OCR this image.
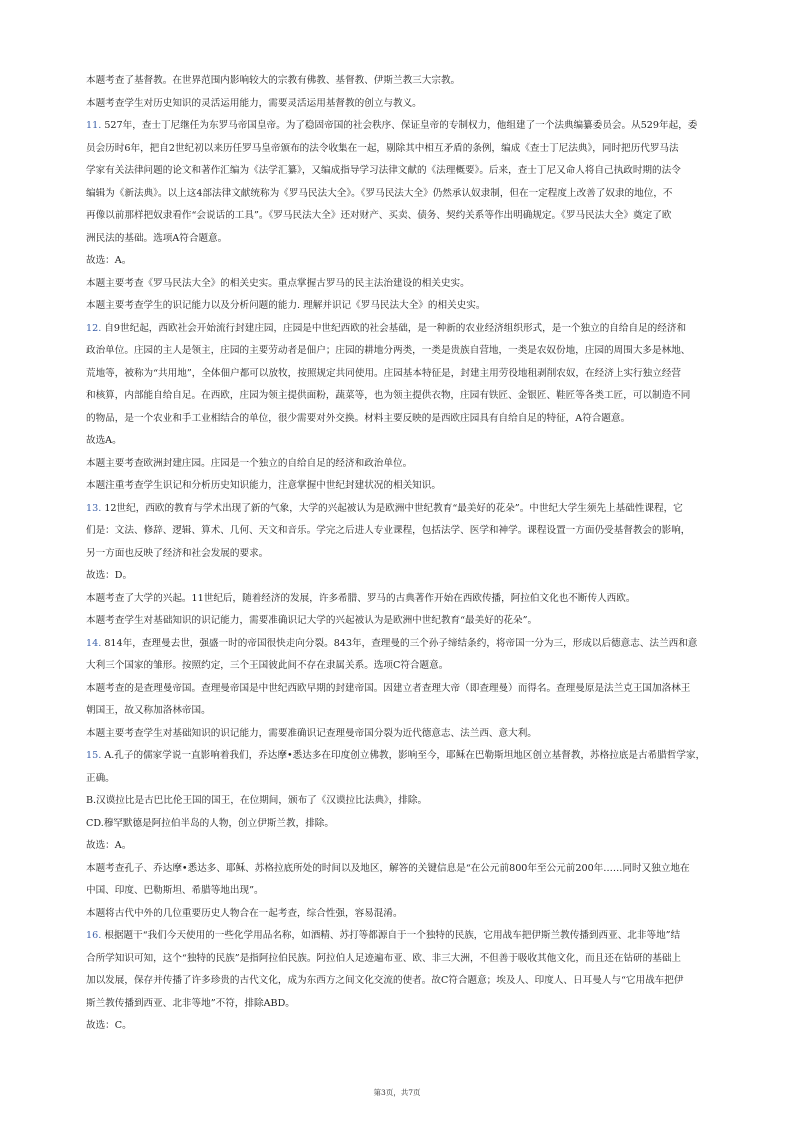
本题考查了基督教。在世界范围内影响较大的宗教有佛教、基督教、伊斯兰教三大宗教。
本题考查学生对历史知识的灵活运用能力，需要灵活运用基督教的创立与教义。
11. 527年，查士丁尼继任为东罗马帝国皇帝。为了稳固帝国的社会秩序、保证皇帝的专制权力，他组建了一个法典编纂委员会。从529年起，委
员会历时6年，把自2世纪初以来历任罗马皇帝颁布的法令收集在一起，剔除其中相互矛盾的条例，编成《查士丁尼法典》，同时把历代罗马法
学家有关法律问题的论文和著作汇编为《法学汇纂》，又编成指导学习法律文献的《法理概要》。后来，查士丁尼又命人将自己执政时期的法令
编辑为《新法典》。以上这4部法律文献统称为《罗马民法大全》。《罗马民法大全》仍然承认奴隶制，但在一定程度上改善了奴隶的地位，不
再像以前那样把奴隶看作“会说话的工具”。《罗马民法大全》还对财产、买卖、债务、契约关系等作出明确规定。《罗马民法大全》奠定了欧
洲民法的基础。选项A符合题意。
故选：A。
本题主要考查《罗马民法大全》的相关史实。重点掌握古罗马的民主法治建设的相关史实。
本题主要考查学生的识记能力以及分析问题的能力. 理解并识记《罗马民法大全》的相关史实。
12. 自9世纪起，西欧社会开始流行封建庄园，庄园是中世纪西欧的社会基础，是一种新的农业经济组织形式，是一个独立的自给自足的经济和
政治单位。庄园的主人是领主，庄园的主要劳动者是佃户；庄园的耕地分两类，一类是贵族自营地，一类是农奴份地，庄园的周围大多是林地、
荒地等，被称为“共用地”，全体佃户都可以放牧，按照规定共同使用。庄园基本特征是，封建主用劳役地租剥削农奴，在经济上实行独立经营
和核算，内部能自给自足。在西欧，庄园为领主提供面粉，蔬菜等，也为领主提供衣物，庄园有铁匠、金银匠、鞋匠等各类工匠，可以制造不同
的物品，是一个农业和手工业相结合的单位，很少需要对外交换。材料主要反映的是西欧庄园具有自给自足的特征，A符合题意。
故选A。
本题主要考查欧洲封建庄园。庄园是一个独立的自给自足的经济和政治单位。
本题注重考查学生识记和分析历史知识能力，注意掌握中世纪封建状况的相关知识。
13. 12世纪，西欧的教育与学术出现了新的气象，大学的兴起被认为是欧洲中世纪教育“最美好的花朵”。中世纪大学生须先上基础性课程，它
们是：文法、修辞、逻辑、算术、几何、天文和音乐。学完之后进人专业课程，包括法学、医学和神学。课程设置一方面仍受基督教会的影响，
另一方面也反映了经济和社会发展的要求。
故选：D。
本题考查了大学的兴起。11世纪后，随着经济的发展，许多希腊、罗马的古典著作开始在西欧传播，阿拉伯文化也不断传人西欧。
本题考查学生对基础知识的识记能力，需要准确识记大学的兴起被认为是欧洲中世纪教育“最美好的花朵”。
14. 814年，查理曼去世，强盛一时的帝国很快走向分裂。843年，查理曼的三个孙子缔结条约，将帝国一分为三，形成以后德意志、法兰西和意
大利三个国家的雏形。按照约定，三个王国彼此间不存在隶属关系。选项C符合题意。
本题考查的是查理曼帝国。查理曼帝国是中世纪西欧早期的封建帝国。因建立者查理大帝（即查理曼）而得名。查理曼原是法兰克王国加洛林王
朝国王，故又称加洛林帝国。
本题主要考查学生对基础知识的识记能力，需要准确识记查理曼帝国分裂为近代德意志、法兰西、意大利。
15. A.孔子的儒家学说一直影响着我们，乔达摩•悉达多在印度创立佛教，影响至今，耶稣在巴勒斯坦地区创立基督教，苏格拉底是古希腊哲学家，
正确。
B.汉谟拉比是古巴比伦王国的国王，在位期间，颁布了《汉谟拉比法典》，排除。
CD.穆罕默德是阿拉伯半岛的人物，创立伊斯兰教，排除。
故选：A。
本题考查孔子、乔达摩•悉达多、耶稣、苏格拉底所处的时间以及地区，解答的关键信息是“在公元前800年至公元前200年……同时又独立地在
中国、印度、巴勒斯坦、希腊等地出现”。
本题将古代中外的几位重要历史人物合在一起考查，综合性强，容易混淆。
16. 根据题干“我们今天使用的一些化学用品名称，如酒精、苏打等都源自于一个独特的民族，它用战车把伊斯兰教传播到西亚、北非等地”结
合所学知识可知，这个“独特的民族”是指阿拉伯民族。阿拉伯人足迹遍布亚、欧、非三大洲，不但善于吸收其他文化，而且还在钻研的基础上
加以发展，保存并传播了许多珍贵的古代文化，成为东西方之间文化交流的使者。故C符合题意；埃及人、印度人、日耳曼人与“它用战车把伊
斯兰教传播到西亚、北非等地”不符，排除ABD。
故选：C。
第3页，共7页
